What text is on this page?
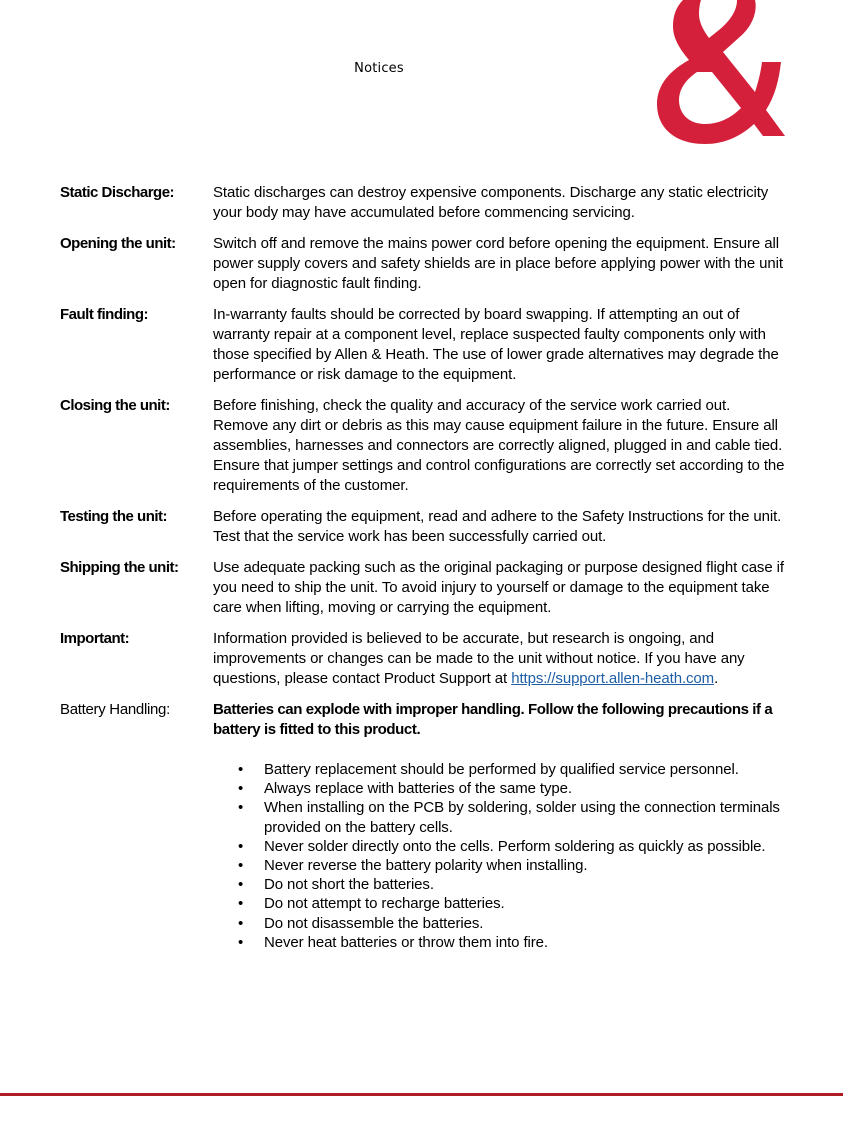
Notices
Static Discharge:	Static discharges can destroy expensive components. Discharge any static electricity your body may have accumulated before commencing servicing.
Opening the unit:	Switch off and remove the mains power cord before opening the equipment. Ensure all power supply covers and safety shields are in place before applying power with the unit open for diagnostic fault finding.
Fault finding:	In-warranty faults should be corrected by board swapping. If attempting an out of warranty repair at a component level, replace suspected faulty components only with those specified by Allen & Heath. The use of lower grade alternatives may degrade the performance or risk damage to the equipment.
Closing the unit:	Before finishing, check the quality and accuracy of the service work carried out. Remove any dirt or debris as this may cause equipment failure in the future. Ensure all assemblies, harnesses and connectors are correctly aligned, plugged in and cable tied. Ensure that jumper settings and control configurations are correctly set according to the requirements of the customer.
Testing the unit:	Before operating the equipment, read and adhere to the Safety Instructions for the unit. Test that the service work has been successfully carried out.
Shipping the unit:	Use adequate packing such as the original packaging or purpose designed flight case if you need to ship the unit. To avoid injury to yourself or damage to the equipment take care when lifting, moving or carrying the equipment.
Important:	Information provided is believed to be accurate, but research is ongoing, and improvements or changes can be made to the unit without notice. If you have any questions, please contact Product Support at https://support.allen-heath.com.
Battery Handling:	Batteries can explode with improper handling. Follow the following precautions if a battery is fitted to this product.
• Battery replacement should be performed by qualified service personnel.
• Always replace with batteries of the same type.
• When installing on the PCB by soldering, solder using the connection terminals provided on the battery cells.
• Never solder directly onto the cells. Perform soldering as quickly as possible.
• Never reverse the battery polarity when installing.
• Do not short the batteries.
• Do not attempt to recharge batteries.
• Do not disassemble the batteries.
• Never heat batteries or throw them into fire.
